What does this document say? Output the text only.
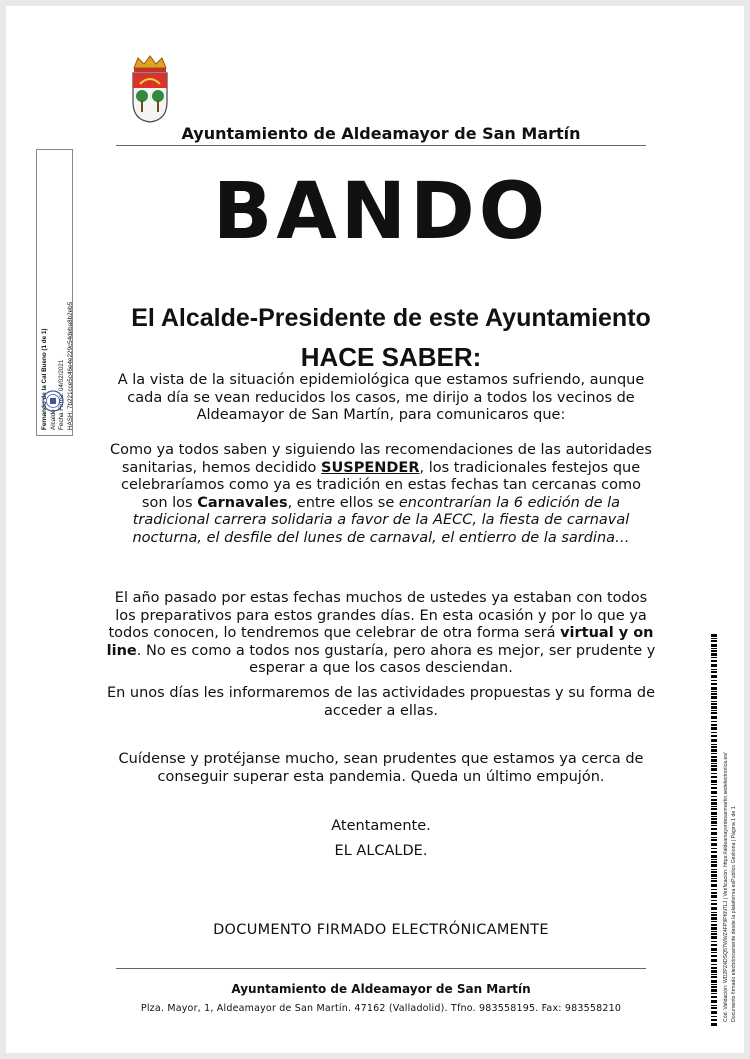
Ayuntamiento de Aldeamayor de San Martín
BANDO
El Alcalde-Presidente de este Ayuntamiento
HACE SABER:
A la vista de la situación epidemiológica que estamos sufriendo, aunque cada día se vean reducidos los casos, me dirijo a todos los vecinos de Aldeamayor de San Martín, para comunicaros que:
Como ya todos saben y siguiendo las recomendaciones de las autoridades sanitarias, hemos decidido SUSPENDER, los tradicionales festejos que celebraríamos como ya es tradición en estas fechas tan cercanas como son los Carnavales, entre ellos se encontrarían la 6 edición de la tradicional carrera solidaria a favor de la AECC, la fiesta de carnaval nocturna, el desfile del lunes de carnaval, el entierro de la sardina…
El año pasado por estas fechas muchos de ustedes ya estaban con todos los preparativos para estos grandes días. En esta ocasión y por lo que ya todos conocen, lo tendremos que celebrar de otra forma será virtual y on line. No es como a todos nos gustaría, pero ahora es mejor, ser prudente y esperar a que los casos desciendan.
En unos días les informaremos de las actividades propuestas y su forma de acceder a ellas.
Cuídense y protéjanse mucho, sean prudentes que estamos ya cerca de conseguir superar esta pandemia. Queda un último empujón.
Atentamente.
EL ALCALDE.
DOCUMENTO FIRMADO ELECTRÓNICAMENTE
Ayuntamiento de Aldeamayor de San Martín
Plza. Mayor, 1, Aldeamayor de San Martín. 47162 (Valladolid). Tfno. 983558195. Fax: 983558210
Fernando de la Cal Bueno (1 de 1) Alcalde Fecha Firma: 04/02/2021 HASH: 7b221cce5c46e4e229c54deba8b2eb5
Cód. Validación: WD2PZ4DSQ57WWZ4FP9PKN7LJ | Verificación: https://aldeamayordesanmartin.sedelectronica.es/ Documento firmado electrónicamente desde la plataforma esPublico Gestiona | Página 1 de 1
